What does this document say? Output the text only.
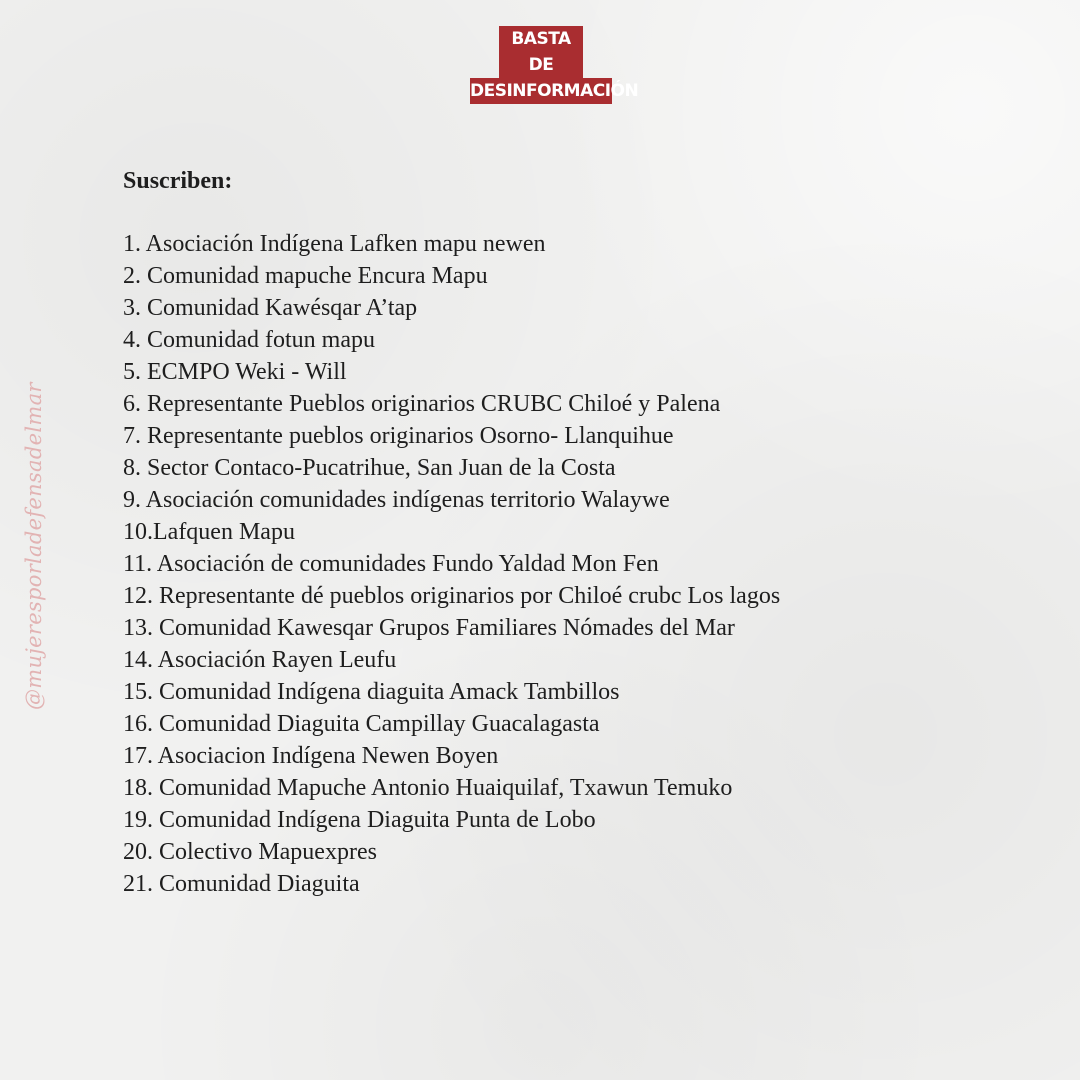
BASTA DE
DESINFORMACIÓN
@mujeresporladefensadelmar
Suscriben:
1. Asociación Indígena Lafken mapu newen
2. Comunidad mapuche Encura Mapu
3. Comunidad Kawésqar A’tap
4. Comunidad fotun mapu
5. ECMPO Weki - Will
6. Representante Pueblos originarios CRUBC Chiloé y Palena
7. Representante pueblos originarios Osorno- Llanquihue
8. Sector Contaco-Pucatrihue, San Juan de la Costa
9. Asociación comunidades indígenas territorio Walaywe
10.Lafquen Mapu
11. Asociación de comunidades Fundo Yaldad Mon Fen
12. Representante dé pueblos originarios por Chiloé crubc Los lagos
13. Comunidad Kawesqar Grupos Familiares Nómades del Mar
14. Asociación Rayen Leufu
15. Comunidad Indígena diaguita Amack Tambillos
16. Comunidad Diaguita Campillay Guacalagasta
17. Asociacion Indígena Newen Boyen
18. Comunidad Mapuche Antonio Huaiquilaf, Txawun Temuko
19. Comunidad Indígena Diaguita Punta de Lobo
20. Colectivo Mapuexpres
21. Comunidad Diaguita
